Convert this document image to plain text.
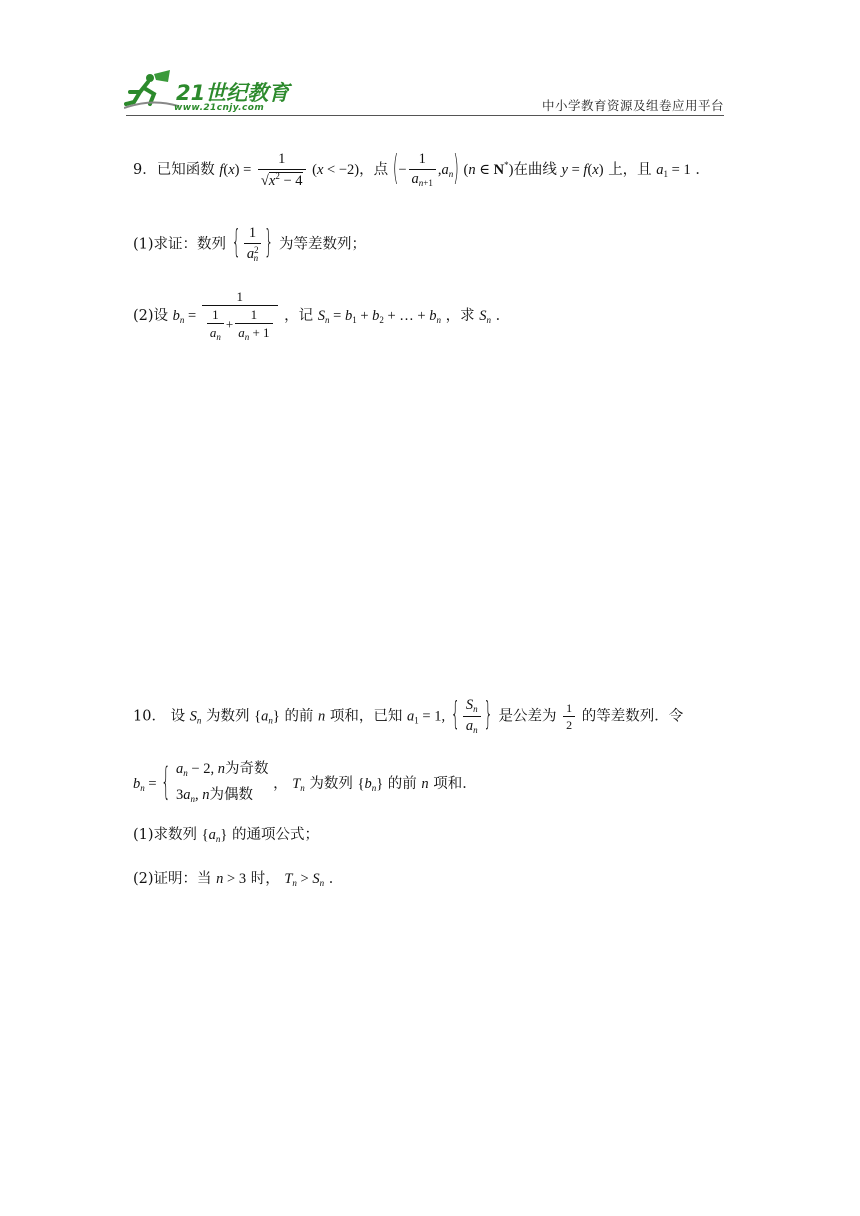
21世纪教育
www.21cnjy.com	中小学教育资源及组卷应用平台
9．已知函数 $f(x) = \frac{1}{√x^2 - 4} (x < -2)$，点 (− $\frac{1}{a_{n+1}} ,a_n$) (n ∈ N*)在曲线 y = f(x) 上，且 $a_1 = 1$ ．
(1)求证：数列 { $\frac{1}{a^2_n}$ } 为等差数列；
(2)设 $b_n = \frac{1}{\frac{1}{a_n} + \frac{1}{a_n + 1}}$ ，记 $S_n = b_1 + b_2$ + … + $b_n$ ，求 $S_n$ ．
10． 设 $S_n$ 为数列 $\{a_n\}$ 的前 n 项和，已知 $a_1 = 1$, { $\frac{S_n}{a_n}$ } 是公差为 $\frac{1}{2}$ 的等差数列．令
$b_n$ = { $a_n - 2$, n为奇数
$3a_n$, n为偶数
， $T_n$ 为数列 $\{b_n\}$ 的前 n 项和．
(1)求数列 $\{a_n\}$ 的通项公式；
(2)证明：当 n > 3 时， $T_n > S_n$ ．
